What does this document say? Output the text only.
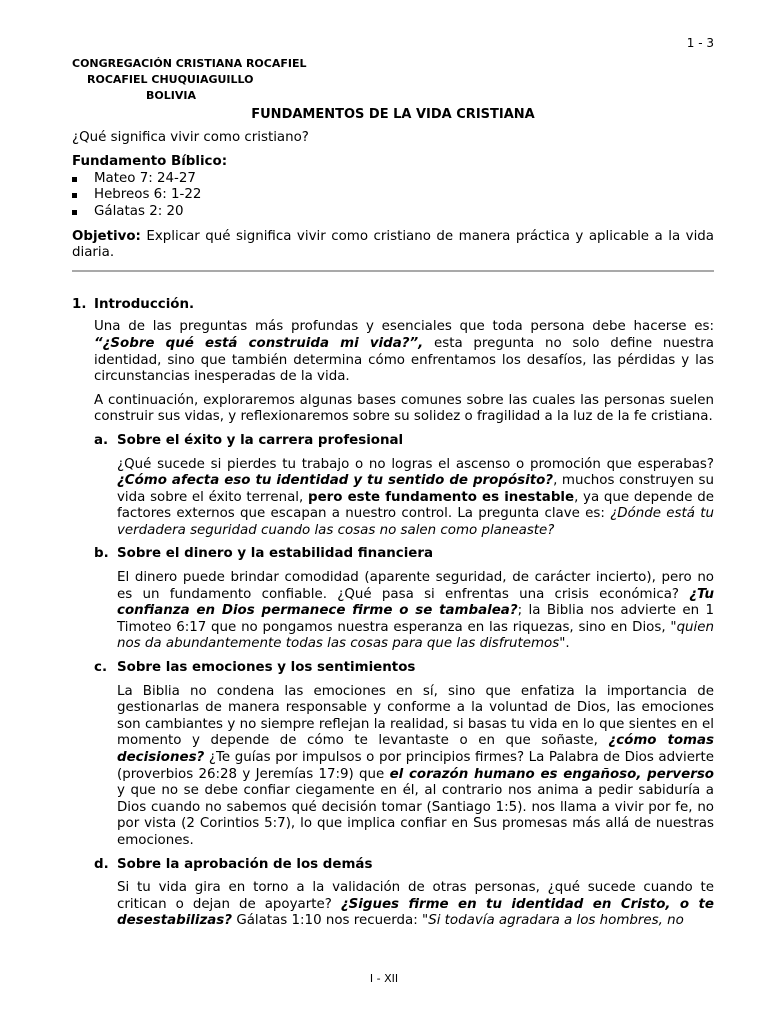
1 - 3
CONGREGACIÓN CRISTIANA ROCAFIEL
ROCAFIEL CHUQUIAGUILLO
BOLIVIA
FUNDAMENTOS DE LA VIDA CRISTIANA

¿Qué significa vivir como cristiano?

Fundamento Bíblico:

Mateo 7: 24-27
Hebreos 6: 1-22
Gálatas 2: 20

Objetivo: Explicar qué significa vivir como cristiano de manera práctica y aplicable a la vida diaria.

1. Introducción.

Una de las preguntas más profundas y esenciales que toda persona debe hacerse es: “¿Sobre qué está construida mi vida?”, esta pregunta no solo define nuestra identidad, sino que también determina cómo enfrentamos los desafíos, las pérdidas y las circunstancias inesperadas de la vida.

A continuación, exploraremos algunas bases comunes sobre las cuales las personas suelen construir sus vidas, y reflexionaremos sobre su solidez o fragilidad a la luz de la fe cristiana.

a. Sobre el éxito y la carrera profesional

¿Qué sucede si pierdes tu trabajo o no logras el ascenso o promoción que esperabas? ¿Cómo afecta eso tu identidad y tu sentido de propósito?, muchos construyen su vida sobre el éxito terrenal, pero este fundamento es inestable, ya que depende de factores externos que escapan a nuestro control. La pregunta clave es: ¿Dónde está tu verdadera seguridad cuando las cosas no salen como planeaste?

b. Sobre el dinero y la estabilidad financiera

El dinero puede brindar comodidad (aparente seguridad, de carácter incierto), pero no es un fundamento confiable. ¿Qué pasa si enfrentas una crisis económica? ¿Tu confianza en Dios permanece firme o se tambalea?; la Biblia nos advierte en 1 Timoteo 6:17 que no pongamos nuestra esperanza en las riquezas, sino en Dios, "quien nos da abundantemente todas las cosas para que las disfrutemos".

c. Sobre las emociones y los sentimientos

La Biblia no condena las emociones en sí, sino que enfatiza la importancia de gestionarlas de manera responsable y conforme a la voluntad de Dios, las emociones son cambiantes y no siempre reflejan la realidad, si basas tu vida en lo que sientes en el momento y depende de cómo te levantaste o en que soñaste, ¿cómo tomas decisiones? ¿Te guías por impulsos o por principios firmes? La Palabra de Dios advierte (proverbios 26:28 y Jeremías 17:9) que el corazón humano es engañoso, perverso y que no se debe confiar ciegamente en él, al contrario nos anima a pedir sabiduría a Dios cuando no sabemos qué decisión tomar (Santiago 1:5). nos llama a vivir por fe, no por vista (2 Corintios 5:7), lo que implica confiar en Sus promesas más allá de nuestras emociones.

d. Sobre la aprobación de los demás

Si tu vida gira en torno a la validación de otras personas, ¿qué sucede cuando te critican o dejan de apoyarte? ¿Sigues firme en tu identidad en Cristo, o te desestabilizas? Gálatas 1:10 nos recuerda: "Si todavía agradara a los hombres, no

I - XII
